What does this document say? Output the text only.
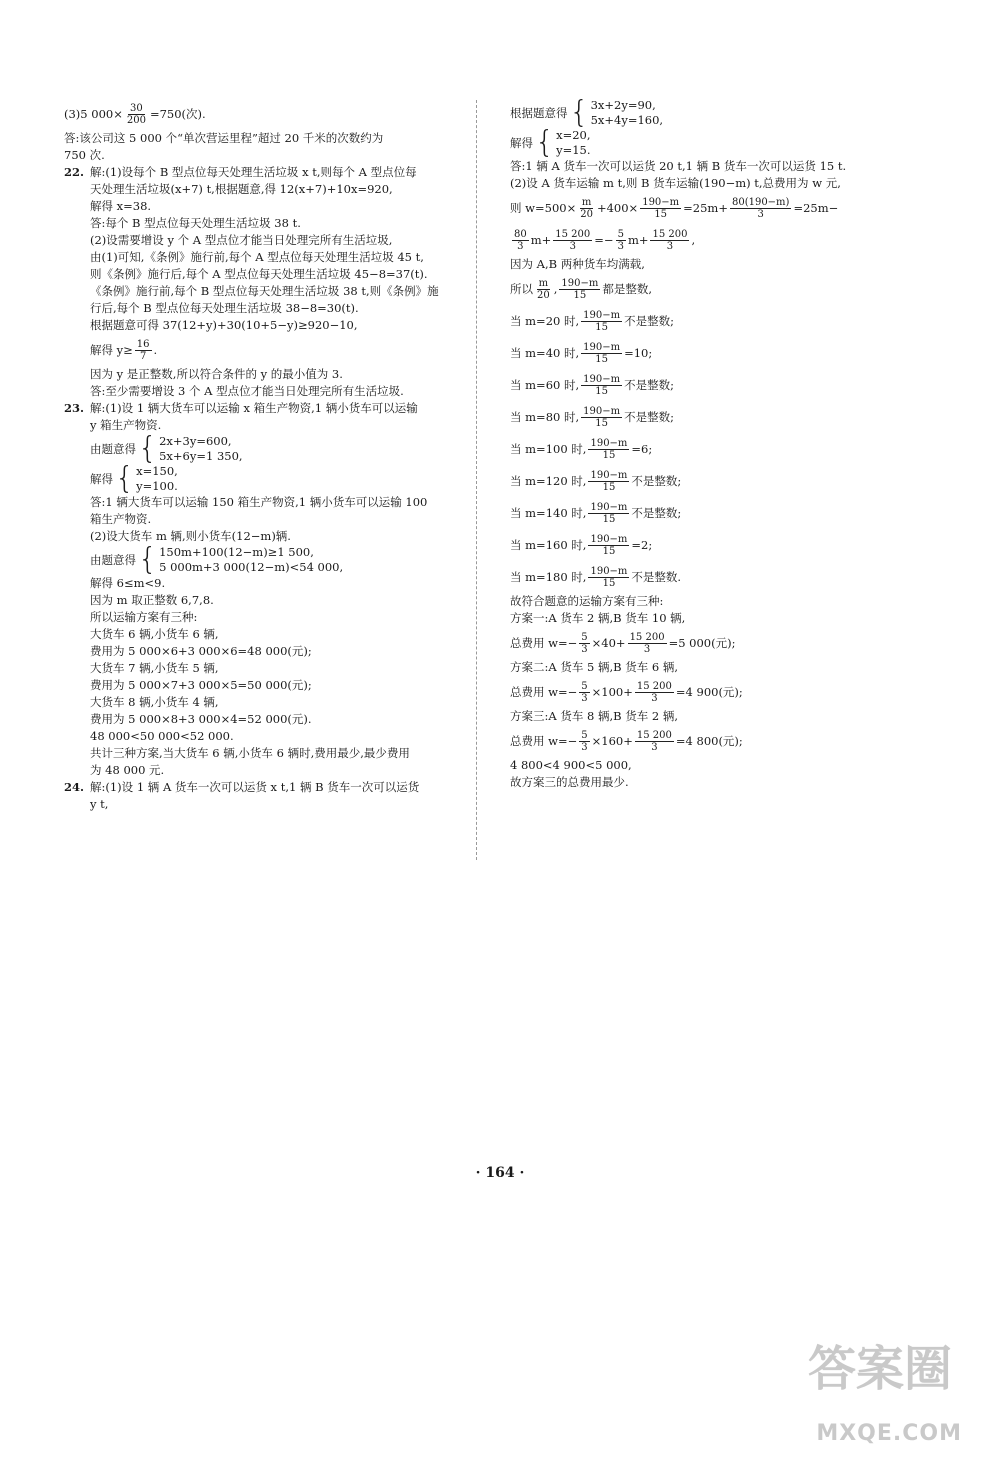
(3)5 $000\times \frac{30}{200} =750$(次).
答:该公司这 5 000 个“单次营运里程”超过 20 千米的次数约为
750 次.
22. 解:(1)设每个 B 型点位每天处理生活垃圾 x t,则每个 A 型点位每
天处理生活垃圾(x+7) t,根据题意,得 12(x+7)+10x=920,
解得 x=38.
答:每个 B 型点位每天处理生活垃圾 38 t.
(2)设需要增设 y 个 A 型点位才能当日处理完所有生活垃圾,
由(1)可知,《条例》施行前,每个 A 型点位每天处理生活垃圾 45 t,
则《条例》施行后,每个 A 型点位每天处理生活垃圾 45−8=37(t).
《条例》施行前,每个 B 型点位每天处理生活垃圾 38 t,则《条例》施
行后,每个 B 型点位每天处理生活垃圾 38−8=30(t).
根据题意可得 37(12+y)+30(10+5−y)≥920−10,
解得 $y\ge \frac{16}{7}$ .
因为 y 是正整数,所以符合条件的 y 的最小值为 3.
答:至少需要增设 3 个 A 型点位才能当日处理完所有生活垃圾.
23. 解:(1)设 1 辆大货车可以运输 x 箱生产物资,1 辆小货车可以运输
y 箱生产物资.
由题意得 { 2x+3y=600,
5x+6y=1 350,
解得 { x=150,
y=100.
答:1 辆大货车可以运输 150 箱生产物资,1 辆小货车可以运输 100
箱生产物资.
(2)设大货车 m 辆,则小货车(12−m)辆.
由题意得 { 150m+100(12−m)≥1 500,
5 000m+3 000(12−m)<54 000,
解得 6≤m<9.
因为 m 取正整数 6,7,8.
所以运输方案有三种:
大货车 6 辆,小货车 6 辆,
费用为 5 000×6+3 000×6=48 000(元);
大货车 7 辆,小货车 5 辆,
费用为 5 000×7+3 000×5=50 000(元);
大货车 8 辆,小货车 4 辆,
费用为 5 000×8+3 000×4=52 000(元).
48 000<50 000<52 000.
共计三种方案,当大货车 6 辆,小货车 6 辆时,费用最少,最少费用
为 48 000 元.
24. 解:(1)设 1 辆 A 货车一次可以运货 x t,1 辆 B 货车一次可以运货
y t,
根据题意得 { 3x+2y=90,
5x+4y=160,
解得 { x=20,
y=15.
答:1 辆 A 货车一次可以运货 20 t,1 辆 B 货车一次可以运货 15 t.
(2)设 A 货车运输 m t,则 B 货车运输(190−m) t,总费用为 w 元,
则 $w=500\times \frac{m}{20} +400\times \frac{190-m}{15} =25m+ \frac{80(190-m)}{3} =25m-$
$\frac{80}{3} m+ \frac{15 200}{3} =- \frac{5}{3} m+ \frac{15 200}{3}$ ,
因为 A,B 两种货车均满载,
所以 $\frac{m}{20}$ , $\frac{190-m}{15}$ 都是整数,
当 m=20 时, $\frac{190-m}{15}$ 不是整数;
当 m=40 时, $\frac{190-m}{15} =10$;
当 m=60 时, $\frac{190-m}{15}$ 不是整数;
当 m=80 时, $\frac{190-m}{15}$ 不是整数;
当 m=100 时, $\frac{190-m}{15} =6$;
当 m=120 时, $\frac{190-m}{15}$ 不是整数;
当 m=140 时, $\frac{190-m}{15}$ 不是整数;
当 m=160 时, $\frac{190-m}{15} =2$;
当 m=180 时, $\frac{190-m}{15}$ 不是整数.
故符合题意的运输方案有三种:
方案一:A 货车 2 辆,B 货车 10 辆,
总费用 $w=- \frac{5}{3} \times 40+ \frac{15 200}{3} =5$ 000(元);
方案二:A 货车 5 辆,B 货车 6 辆,
总费用 $w=- \frac{5}{3} \times 100+ \frac{15 200}{3} =4$ 900(元);
方案三:A 货车 8 辆,B 货车 2 辆,
总费用 $w=- \frac{5}{3} \times 160+ \frac{15 200}{3} =4$ 800(元);
4 800<4 900<5 000,
故方案三的总费用最少.
· 164 ·
答案圈
MXQE.COM
